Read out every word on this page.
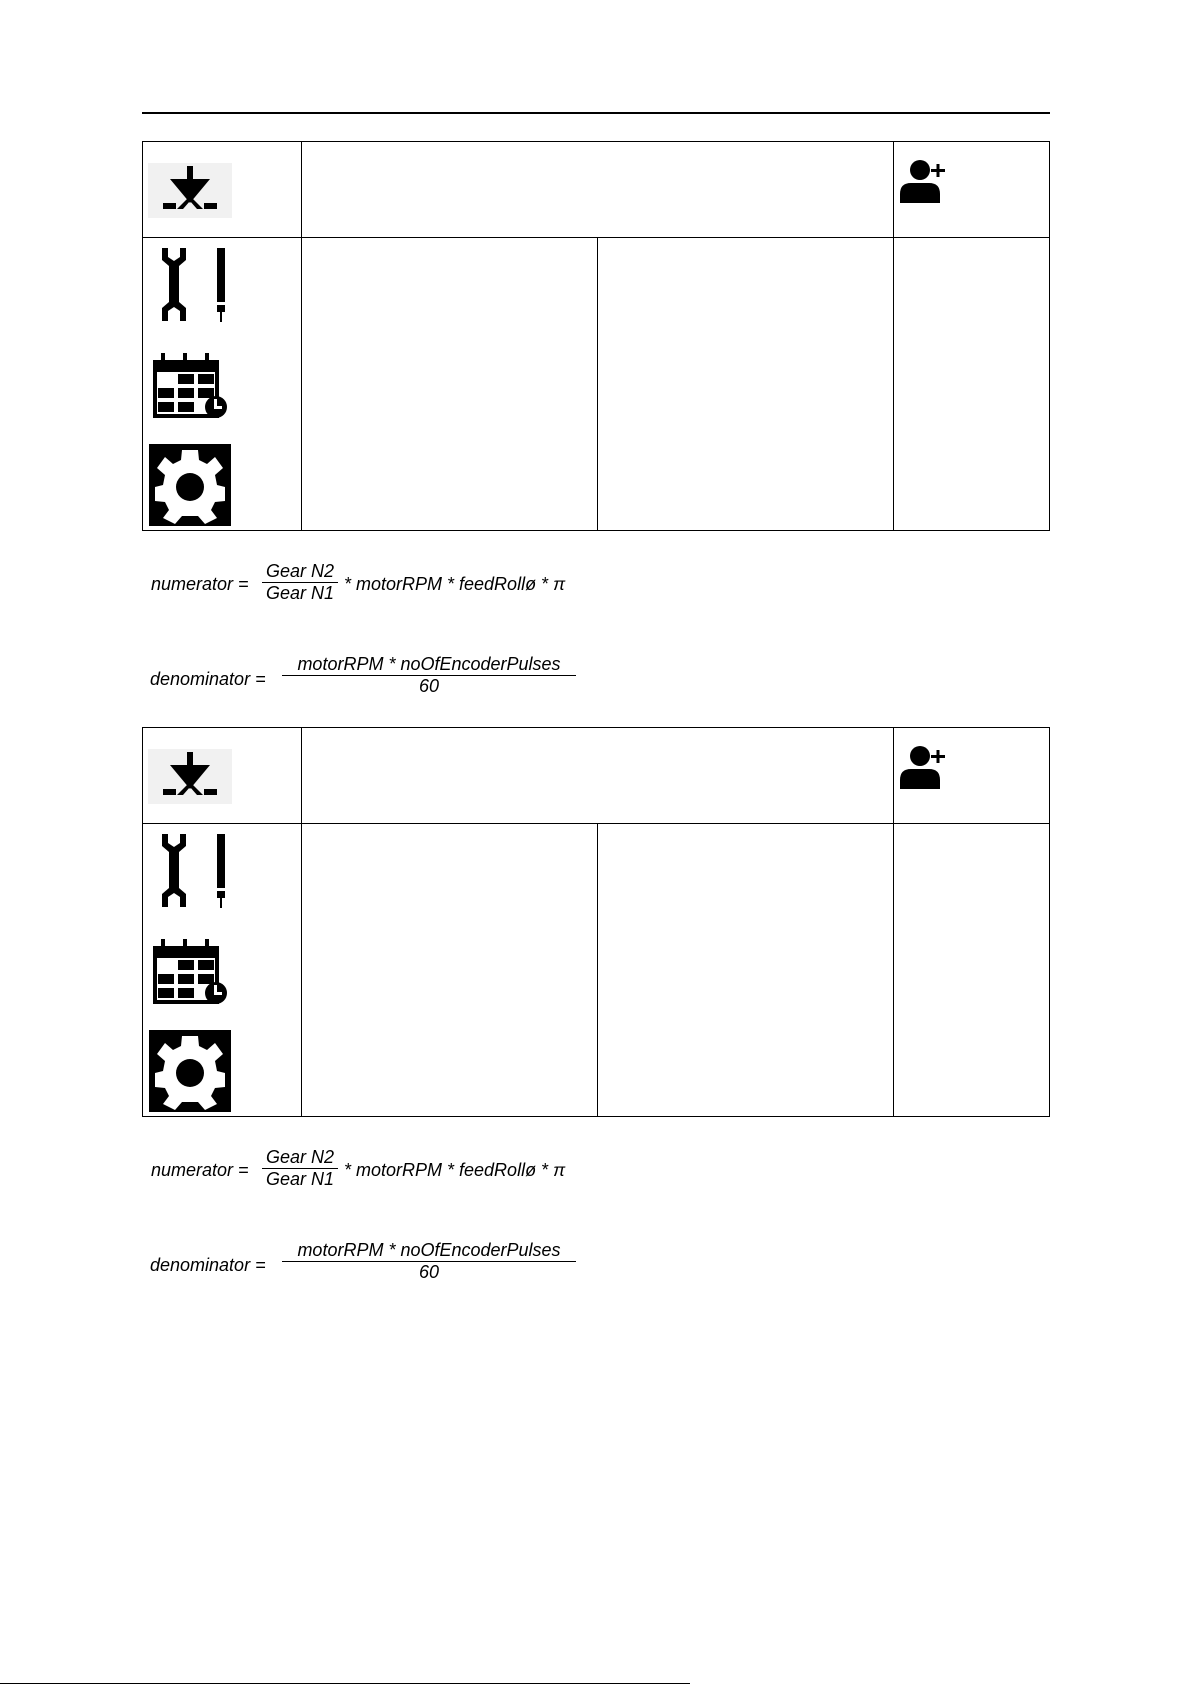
numerator =
Gear N2
Gear N1 * motorRPM * feedRollø * π
denominator =
motorRPM * noOfEncoderPulses
60
numerator =
Gear N2
Gear N1 * motorRPM * feedRollø * π
denominator =
motorRPM * noOfEncoderPulses
60
